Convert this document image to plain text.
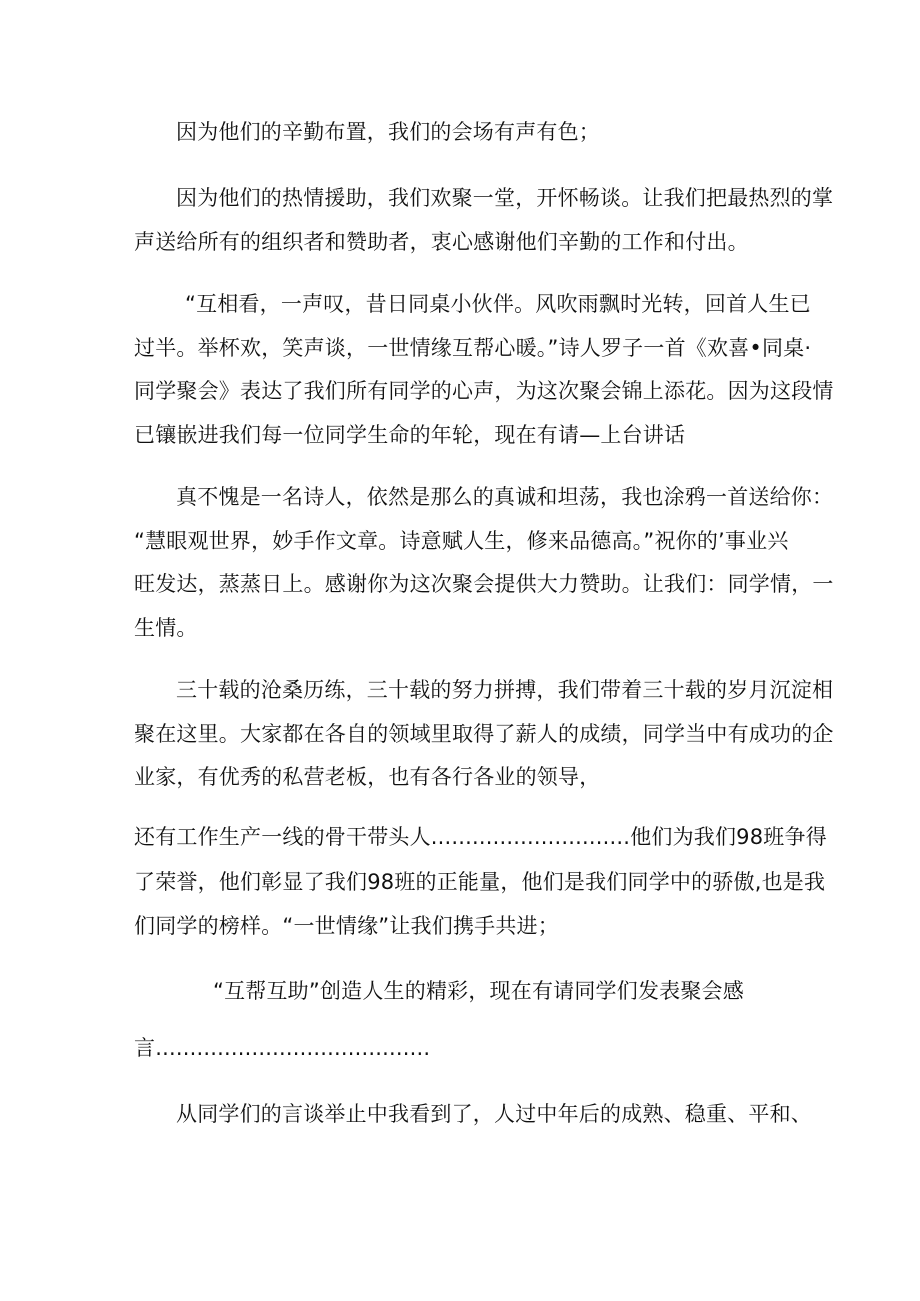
因为他们的辛勤布置，我们的会场有声有色；

因为他们的热情援助，我们欢聚一堂，开怀畅谈。让我们把最热烈的掌

声送给所有的组织者和赞助者，衷心感谢他们辛勤的工作和付出。

“互相看，一声叹，昔日同桌小伙伴。风吹雨飘时光转，回首人生已

过半。举杯欢，笑声谈，一世情缘互帮心暖。”诗人罗子一首《欢喜•同桌·

同学聚会》表达了我们所有同学的心声，为这次聚会锦上添花。因为这段情

已镶嵌进我们每一位同学生命的年轮，现在有请—上台讲话

真不愧是一名诗人，依然是那么的真诚和坦荡，我也涂鸦一首送给你：

“慧眼观世界，妙手作文章。诗意赋人生，修来品德高。”祝你的’事业兴

旺发达，蒸蒸日上。感谢你为这次聚会提供大力赞助。让我们：同学情，一

生情。

三十载的沧桑历练，三十载的努力拼搏，我们带着三十载的岁月沉淀相

聚在这里。大家都在各自的领域里取得了薪人的成绩，同学当中有成功的企

业家，有优秀的私营老板，也有各行各业的领导，

还有工作生产一线的骨干带头人.............................他们为我们98班争得

了荣誉，他们彰显了我们98班的正能量，他们是我们同学中的骄傲,也是我

们同学的榜样。“一世情缘”让我们携手共进；

“互帮互助”创造人生的精彩，现在有请同学们发表聚会感

言........................................

从同学们的言谈举止中我看到了，人过中年后的成熟、稳重、平和、
